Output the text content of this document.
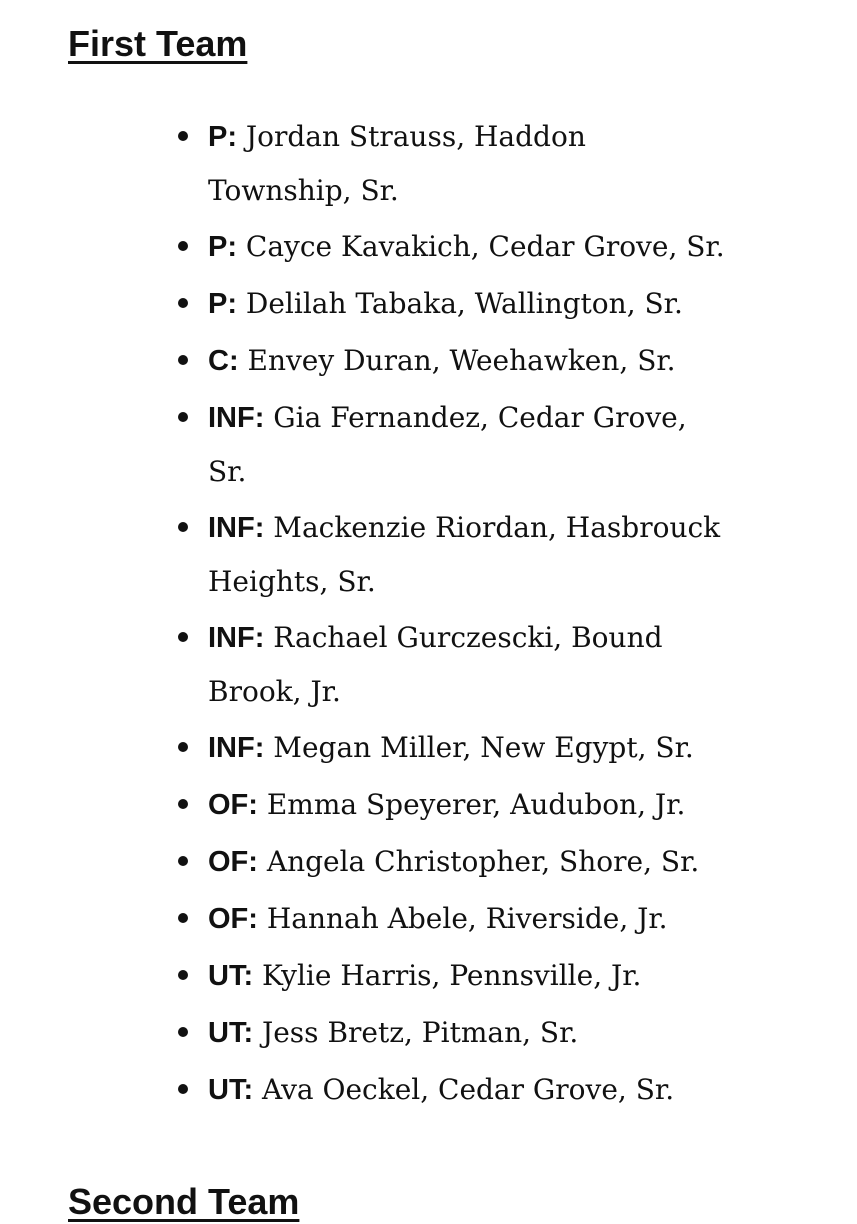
First Team
P: Jordan Strauss, Haddon Township, Sr.
P: Cayce Kavakich, Cedar Grove, Sr.
P: Delilah Tabaka, Wallington, Sr.
C: Envey Duran, Weehawken, Sr.
INF: Gia Fernandez, Cedar Grove, Sr.
INF: Mackenzie Riordan, Hasbrouck Heights, Sr.
INF: Rachael Gurczescki, Bound Brook, Jr.
INF: Megan Miller, New Egypt, Sr.
OF: Emma Speyerer, Audubon, Jr.
OF: Angela Christopher, Shore, Sr.
OF: Hannah Abele, Riverside, Jr.
UT: Kylie Harris, Pennsville, Jr.
UT: Jess Bretz, Pitman, Sr.
UT: Ava Oeckel, Cedar Grove, Sr.
Second Team
